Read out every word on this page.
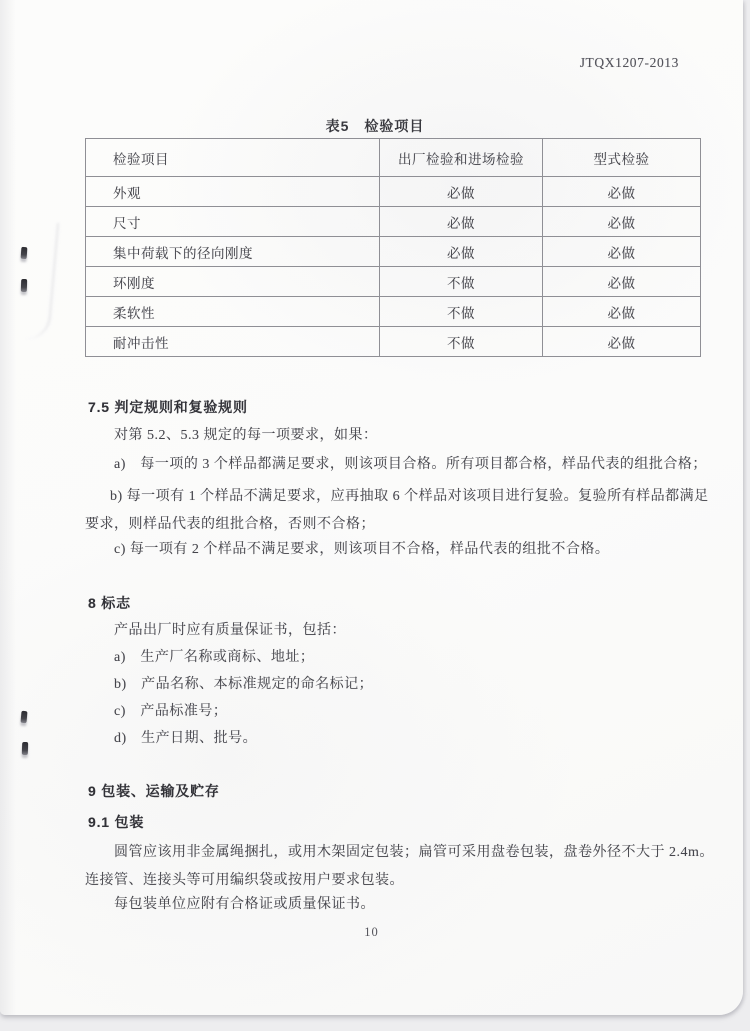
JTQX1207-2013
表5　检验项目
检验项目	出厂检验和进场检验	型式检验
外观	必做	必做
尺寸	必做	必做
集中荷载下的径向刚度	必做	必做
环刚度	不做	必做
柔软性	不做	必做
耐冲击性	不做	必做
7.5 判定规则和复验规则
对第 5.2、5.3 规定的每一项要求，如果：
a)　每一项的 3 个样品都满足要求，则该项目合格。所有项目都合格，样品代表的组批合格；
b) 每一项有 1 个样品不满足要求，应再抽取 6 个样品对该项目进行复验。复验所有样品都满足要求，则样品代表的组批合格，否则不合格；
c) 每一项有 2 个样品不满足要求，则该项目不合格，样品代表的组批不合格。
8 标志
产品出厂时应有质量保证书，包括：
a)　生产厂名称或商标、地址；
b)　产品名称、本标准规定的命名标记；
c)　产品标准号；
d)　生产日期、批号。
9 包装、运输及贮存
9.1 包装
圆管应该用非金属绳捆扎，或用木架固定包装；扁管可采用盘卷包装，盘卷外径不大于 2.4m。连接管、连接头等可用编织袋或按用户要求包装。
每包装单位应附有合格证或质量保证书。
10
